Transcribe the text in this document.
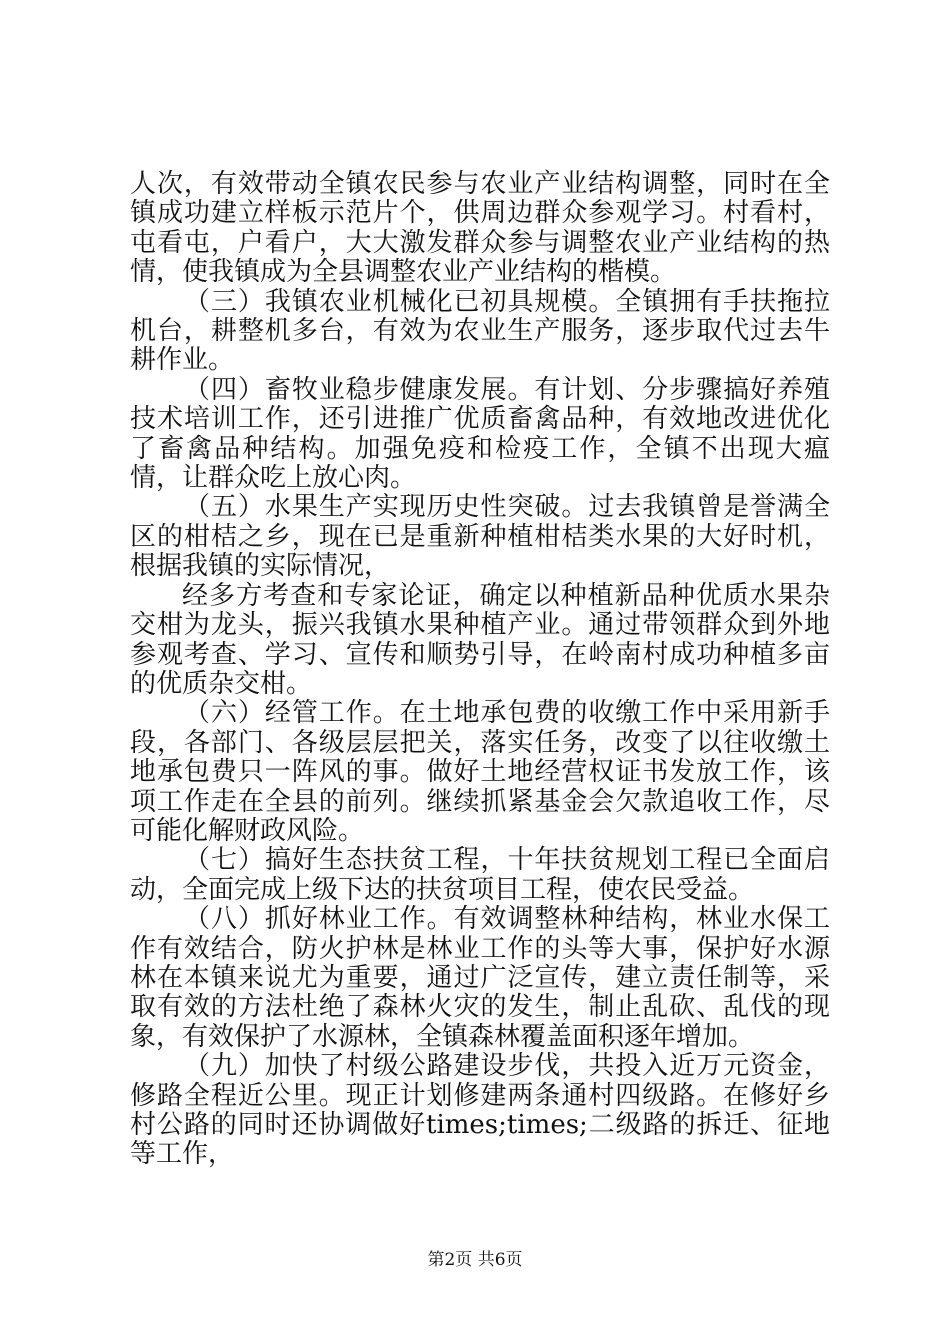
人次，有效带动全镇农民参与农业产业结构调整，同时在全镇成功建立样板示范片个，供周边群众参观学习。村看村，屯看屯，户看户，大大激发群众参与调整农业产业结构的热情，使我镇成为全县调整农业产业结构的楷模。

（三）我镇农业机械化已初具规模。全镇拥有手扶拖拉机台，耕整机多台，有效为农业生产服务，逐步取代过去牛耕作业。

（四）畜牧业稳步健康发展。有计划、分步骤搞好养殖技术培训工作，还引进推广优质畜禽品种，有效地改进优化了畜禽品种结构。加强免疫和检疫工作，全镇不出现大瘟情，让群众吃上放心肉。

（五）水果生产实现历史性突破。过去我镇曾是誉满全区的柑桔之乡，现在已是重新种植柑桔类水果的大好时机，根据我镇的实际情况，

经多方考查和专家论证，确定以种植新品种优质水果杂交柑为龙头，振兴我镇水果种植产业。通过带领群众到外地参观考查、学习、宣传和顺势引导，在岭南村成功种植多亩的优质杂交柑。

（六）经管工作。在土地承包费的收缴工作中采用新手段，各部门、各级层层把关，落实任务，改变了以往收缴土地承包费只一阵风的事。做好土地经营权证书发放工作，该项工作走在全县的前列。继续抓紧基金会欠款追收工作，尽可能化解财政风险。

（七）搞好生态扶贫工程，十年扶贫规划工程已全面启动，全面完成上级下达的扶贫项目工程，使农民受益。

（八）抓好林业工作。有效调整林种结构，林业水保工作有效结合，防火护林是林业工作的头等大事，保护好水源林在本镇来说尤为重要，通过广泛宣传，建立责任制等，采取有效的方法杜绝了森林火灾的发生，制止乱砍、乱伐的现象，有效保护了水源林，全镇森林覆盖面积逐年增加。

（九）加快了村级公路建设步伐，共投入近万元资金，修路全程近公里。现正计划修建两条通村四级路。在修好乡村公路的同时还协调做好times;times;二级路的拆迁、征地等工作，

第2页 共6页
